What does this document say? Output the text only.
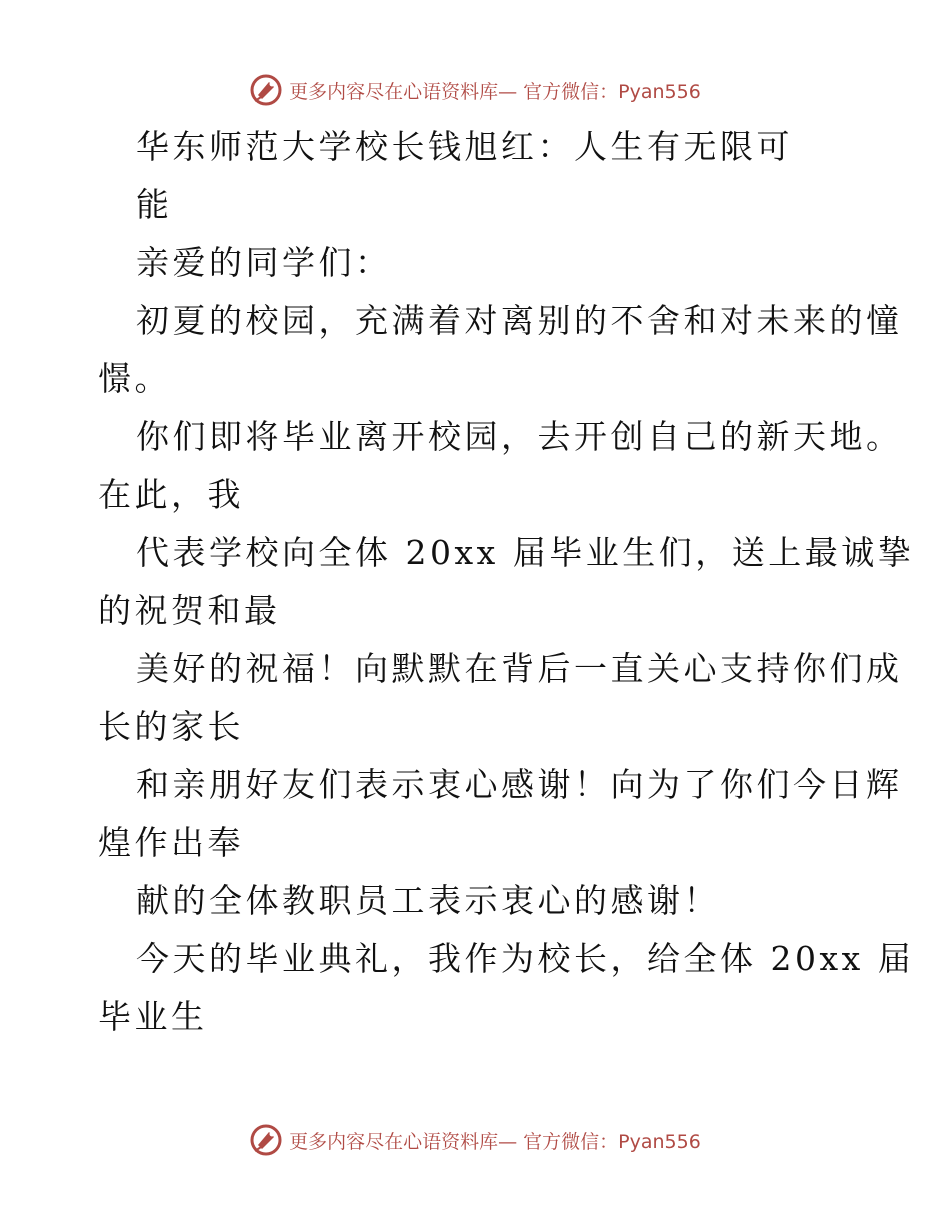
更多内容尽在心语资料库— 官方微信：Pyan556
华东师范大学校长钱旭红：人生有无限可
能
亲爱的同学们：
初夏的校园，充满着对离别的不舍和对未来的憧
憬。
你们即将毕业离开校园，去开创自己的新天地。
在此，我
代表学校向全体 20xx 届毕业生们，送上最诚挚
的祝贺和最
美好的祝福！向默默在背后一直关心支持你们成
长的家长
和亲朋好友们表示衷心感谢！向为了你们今日辉
煌作出奉
献的全体教职员工表示衷心的感谢！
今天的毕业典礼，我作为校长，给全体 20xx 届
毕业生
更多内容尽在心语资料库— 官方微信：Pyan556
